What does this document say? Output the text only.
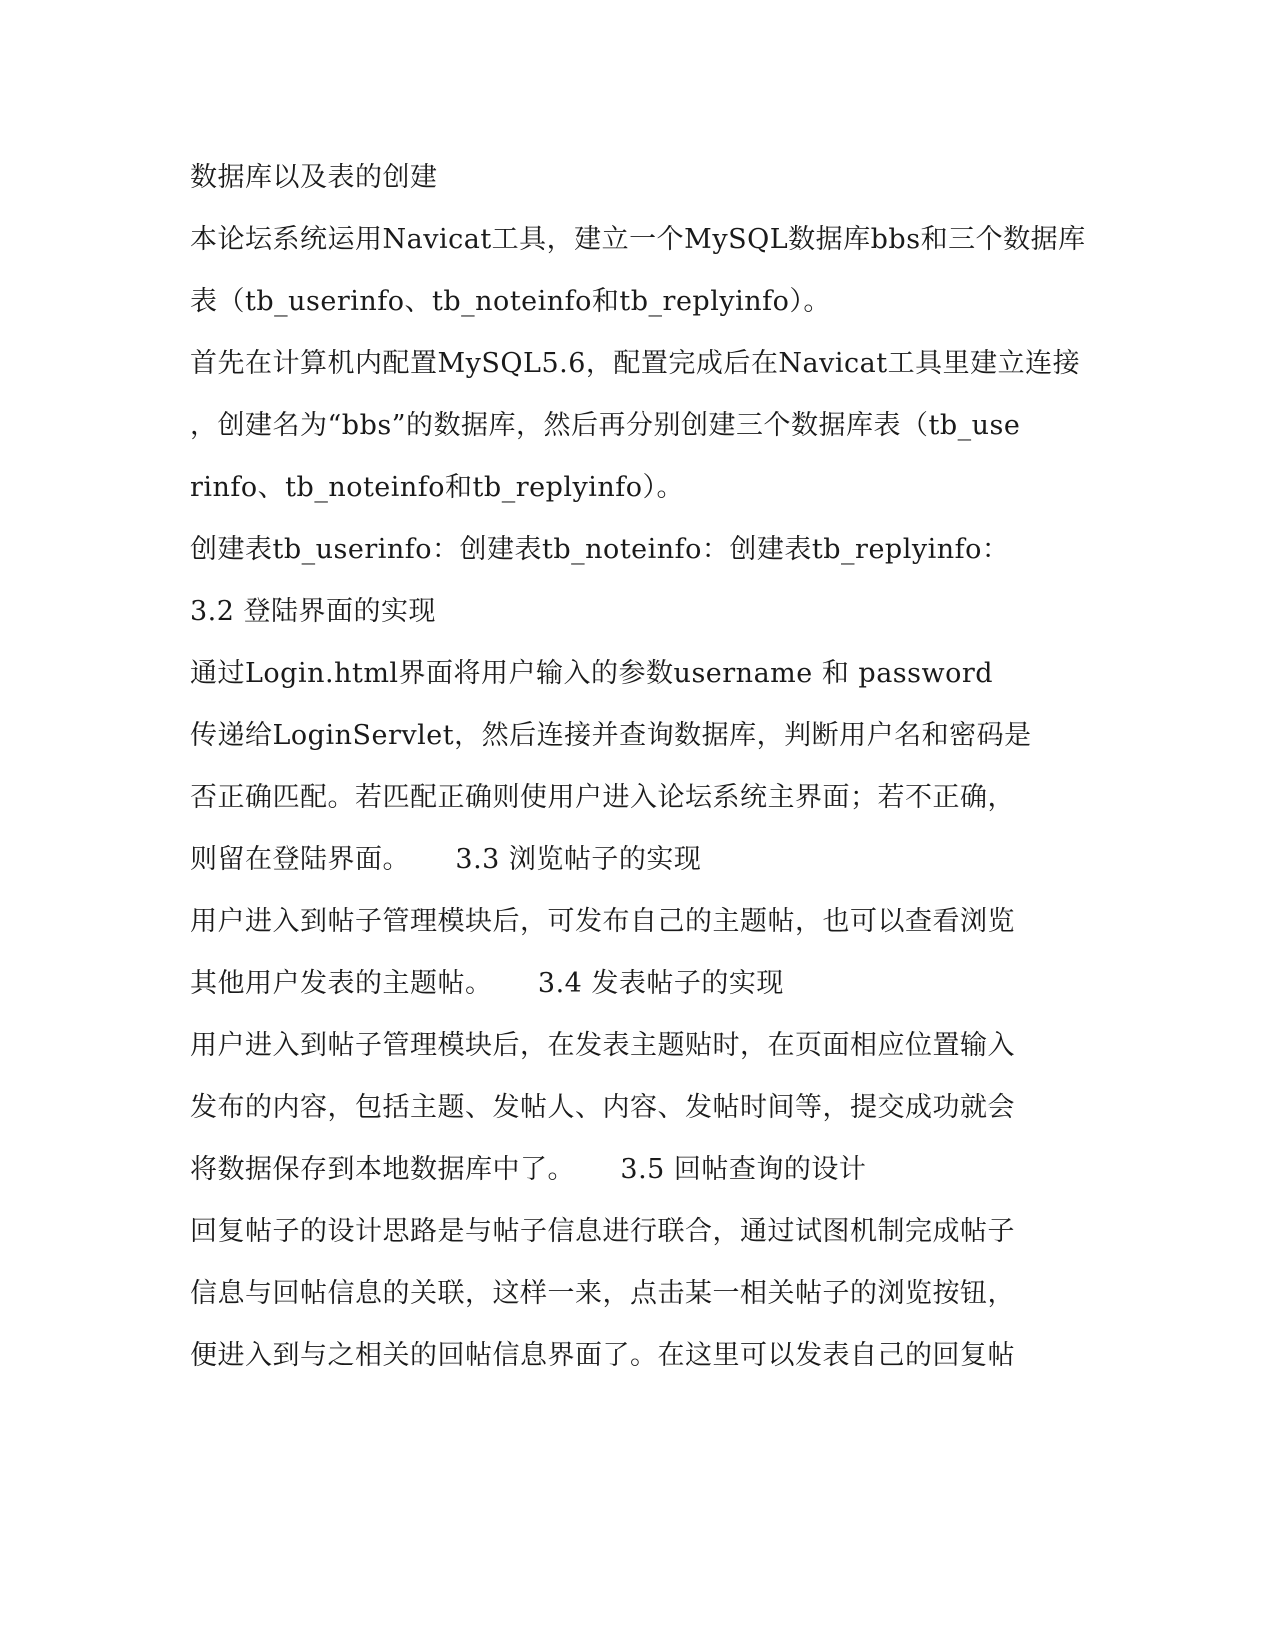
数据库以及表的创建
本论坛系统运用Navicat工具，建立一个MySQL数据库bbs和三个数据库
表（tb_userinfo、tb_noteinfo和tb_replyinfo）。
首先在计算机内配置MySQL5.6，配置完成后在Navicat工具里建立连接
，创建名为“bbs”的数据库，然后再分别创建三个数据库表（tb_use
rinfo、tb_noteinfo和tb_replyinfo）。
创建表tb_userinfo：创建表tb_noteinfo：创建表tb_replyinfo：
3.2 登陆界面的实现
通过Login.html界面将用户输入的参数username 和 password
传递给LoginServlet，然后连接并查询数据库，判断用户名和密码是
否正确匹配。若匹配正确则使用户进入论坛系统主界面；若不正确，
则留在登陆界面。     3.3 浏览帖子的实现
用户进入到帖子管理模块后，可发布自己的主题帖，也可以查看浏览
其他用户发表的主题帖。     3.4 发表帖子的实现
用户进入到帖子管理模块后，在发表主题贴时，在页面相应位置输入
发布的内容，包括主题、发帖人、内容、发帖时间等，提交成功就会
将数据保存到本地数据库中了。     3.5 回帖查询的设计
回复帖子的设计思路是与帖子信息进行联合，通过试图机制完成帖子
信息与回帖信息的关联，这样一来，点击某一相关帖子的浏览按钮，
便进入到与之相关的回帖信息界面了。在这里可以发表自己的回复帖
